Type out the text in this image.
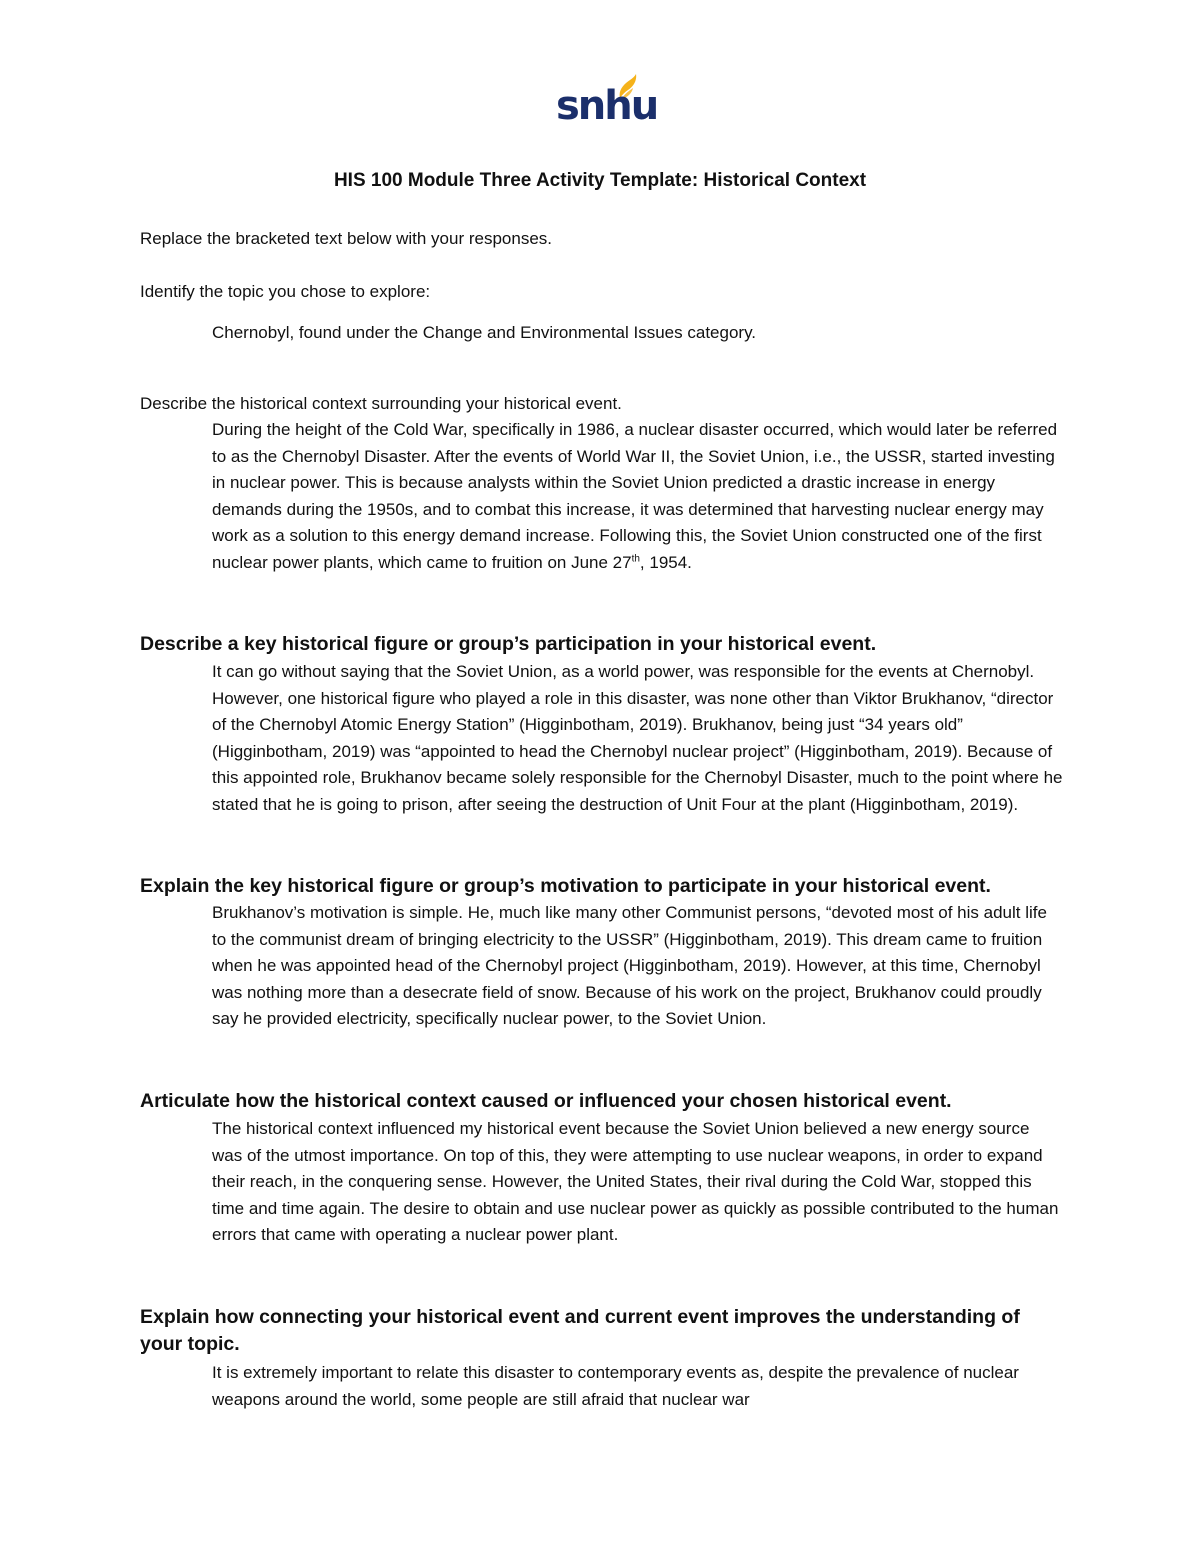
snhu
HIS 100 Module Three Activity Template: Historical Context
Replace the bracketed text below with your responses.
Identify the topic you chose to explore:
Chernobyl, found under the Change and Environmental Issues category.
Describe the historical context surrounding your historical event.
During the height of the Cold War, specifically in 1986, a nuclear disaster occurred, which would later be referred to as the Chernobyl Disaster. After the events of World War II, the Soviet Union, i.e., the USSR, started investing in nuclear power. This is because analysts within the Soviet Union predicted a drastic increase in energy demands during the 1950s, and to combat this increase, it was determined that harvesting nuclear energy may work as a solution to this energy demand increase. Following this, the Soviet Union constructed one of the first nuclear power plants, which came to fruition on June 27th, 1954.
Describe a key historical figure or group’s participation in your historical event.
It can go without saying that the Soviet Union, as a world power, was responsible for the events at Chernobyl. However, one historical figure who played a role in this disaster, was none other than Viktor Brukhanov, “director of the Chernobyl Atomic Energy Station” (Higginbotham, 2019). Brukhanov, being just “34 years old” (Higginbotham, 2019) was “appointed to head the Chernobyl nuclear project” (Higginbotham, 2019). Because of this appointed role, Brukhanov became solely responsible for the Chernobyl Disaster, much to the point where he stated that he is going to prison, after seeing the destruction of Unit Four at the plant (Higginbotham, 2019).
Explain the key historical figure or group’s motivation to participate in your historical event.
Brukhanov’s motivation is simple. He, much like many other Communist persons, “devoted most of his adult life to the communist dream of bringing electricity to the USSR” (Higginbotham, 2019). This dream came to fruition when he was appointed head of the Chernobyl project (Higginbotham, 2019). However, at this time, Chernobyl was nothing more than a desecrate field of snow. Because of his work on the project, Brukhanov could proudly say he provided electricity, specifically nuclear power, to the Soviet Union.
Articulate how the historical context caused or influenced your chosen historical event.
The historical context influenced my historical event because the Soviet Union believed a new energy source was of the utmost importance. On top of this, they were attempting to use nuclear weapons, in order to expand their reach, in the conquering sense. However, the United States, their rival during the Cold War, stopped this time and time again. The desire to obtain and use nuclear power as quickly as possible contributed to the human errors that came with operating a nuclear power plant.
Explain how connecting your historical event and current event improves the understanding of your topic.
It is extremely important to relate this disaster to contemporary events as, despite the prevalence of nuclear weapons around the world, some people are still afraid that nuclear war
